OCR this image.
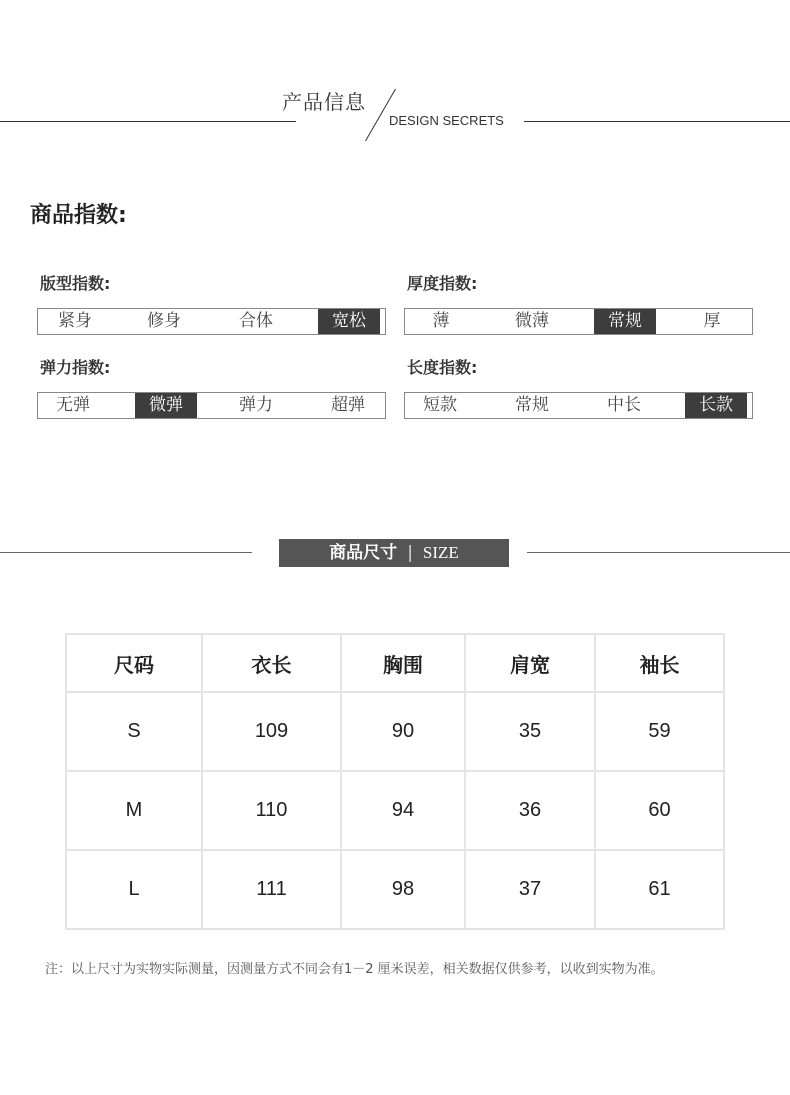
产品信息
DESIGN SECRETS
商品指数:
版型指数:
紧身	修身	合体	宽松
厚度指数:
薄	微薄	常规	厚
弹力指数:
无弹	微弹	弹力	超弹
长度指数:
短款	常规	中长	长款
商品尺寸 | SIZE
尺码	衣长	胸围	肩宽	袖长
S	109	90	35	59
M	110	94	36	60
L	111	98	37	61
注：以上尺寸为实物实际测量，因测量方式不同会有1－2 厘米误差，相关数据仅供参考，以收到实物为准。
